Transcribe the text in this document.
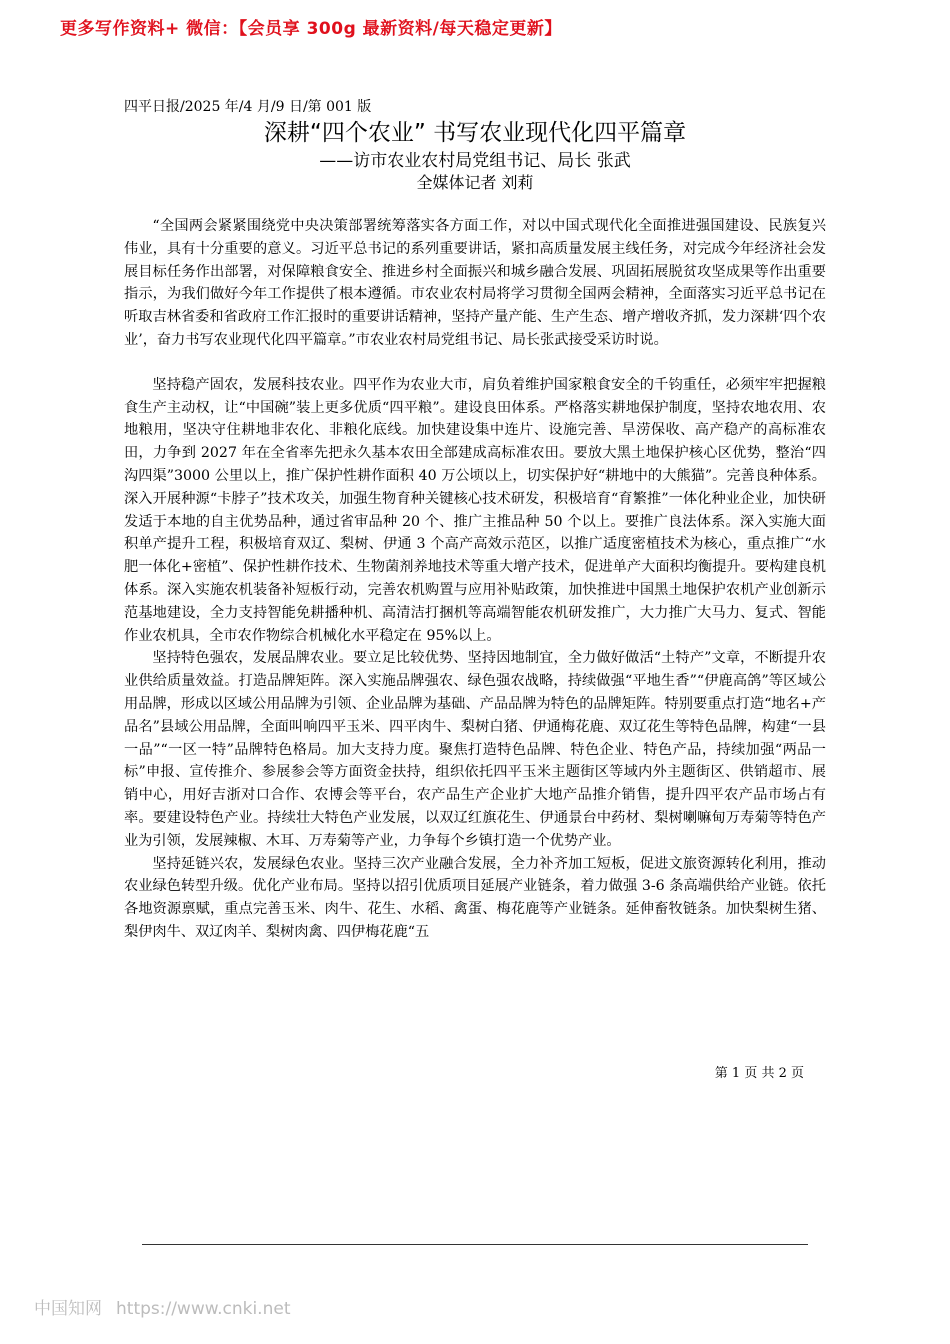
更多写作资料+ 微信：【会员享 300g 最新资料/每天稳定更新】
四平日报/2025 年/4 月/9 日/第 001 版
深耕“四个农业” 书写农业现代化四平篇章
——访市农业农村局党组书记、局长 张武
全媒体记者 刘莉

“全国两会紧紧围绕党中央决策部署统筹落实各方面工作，对以中国式现代化全面推进强国建设、民族复兴伟业，具有十分重要的意义。习近平总书记的系列重要讲话，紧扣高质量发展主线任务，对完成今年经济社会发展目标任务作出部署，对保障粮食安全、推进乡村全面振兴和城乡融合发展、巩固拓展脱贫攻坚成果等作出重要指示，为我们做好今年工作提供了根本遵循。市农业农村局将学习贯彻全国两会精神，全面落实习近平总书记在听取吉林省委和省政府工作汇报时的重要讲话精神，坚持产量产能、生产生态、增产增收齐抓，发力深耕‘四个农业’，奋力书写农业现代化四平篇章。”市农业农村局党组书记、局长张武接受采访时说。

坚持稳产固农，发展科技农业。四平作为农业大市，肩负着维护国家粮食安全的千钧重任，必须牢牢把握粮食生产主动权，让“中国碗”装上更多优质“四平粮”。建设良田体系。严格落实耕地保护制度，坚持农地农用、农地粮用，坚决守住耕地非农化、非粮化底线。加快建设集中连片、设施完善、旱涝保收、高产稳产的高标准农田，力争到 2027 年在全省率先把永久基本农田全部建成高标准农田。要放大黑土地保护核心区优势，整治“四沟四渠”3000 公里以上，推广保护性耕作面积 40 万公顷以上，切实保护好“耕地中的大熊猫”。完善良种体系。深入开展种源“卡脖子”技术攻关，加强生物育种关键核心技术研发，积极培育“育繁推”一体化种业企业，加快研发适于本地的自主优势品种，通过省审品种 20 个、推广主推品种 50 个以上。要推广良法体系。深入实施大面积单产提升工程，积极培育双辽、梨树、伊通 3 个高产高效示范区，以推广适度密植技术为核心，重点推广“水肥一体化+密植”、保护性耕作技术、生物菌剂养地技术等重大增产技术，促进单产大面积均衡提升。要构建良机体系。深入实施农机装备补短板行动，完善农机购置与应用补贴政策，加快推进中国黑土地保护农机产业创新示范基地建设，全力支持智能免耕播种机、高清洁打捆机等高端智能农机研发推广，大力推广大马力、复式、智能作业农机具，全市农作物综合机械化水平稳定在 95%以上。

坚持特色强农，发展品牌农业。要立足比较优势、坚持因地制宜，全力做好做活“土特产”文章，不断提升农业供给质量效益。打造品牌矩阵。深入实施品牌强农、绿色强农战略，持续做强“平地生香”“伊鹿高鸽”等区域公用品牌，形成以区域公用品牌为引领、企业品牌为基础、产品品牌为特色的品牌矩阵。特别要重点打造“地名+产品名”县域公用品牌，全面叫响四平玉米、四平肉牛、梨树白猪、伊通梅花鹿、双辽花生等特色品牌，构建“一县一品”“一区一特”品牌特色格局。加大支持力度。聚焦打造特色品牌、特色企业、特色产品，持续加强“两品一标”申报、宣传推介、参展参会等方面资金扶持，组织依托四平玉米主题街区等域内外主题街区、供销超市、展销中心，用好吉浙对口合作、农博会等平台，农产品生产企业扩大地产品推介销售，提升四平农产品市场占有率。要建设特色产业。持续壮大特色产业发展，以双辽红旗花生、伊通景台中药材、梨树喇嘛甸万寿菊等特色产业为引领，发展辣椒、木耳、万寿菊等产业，力争每个乡镇打造一个优势产业。

坚持延链兴农，发展绿色农业。坚持三次产业融合发展，全力补齐加工短板，促进文旅资源转化利用，推动农业绿色转型升级。优化产业布局。坚持以招引优质项目延展产业链条，着力做强 3-6 条高端供给产业链。依托各地资源禀赋，重点完善玉米、肉牛、花生、水稻、禽蛋、梅花鹿等产业链条。延伸畜牧链条。加快梨树生猪、梨伊肉牛、双辽肉羊、梨树肉禽、四伊梅花鹿“五

第 1 页 共 2 页
中国知网 https://www.cnki.net
